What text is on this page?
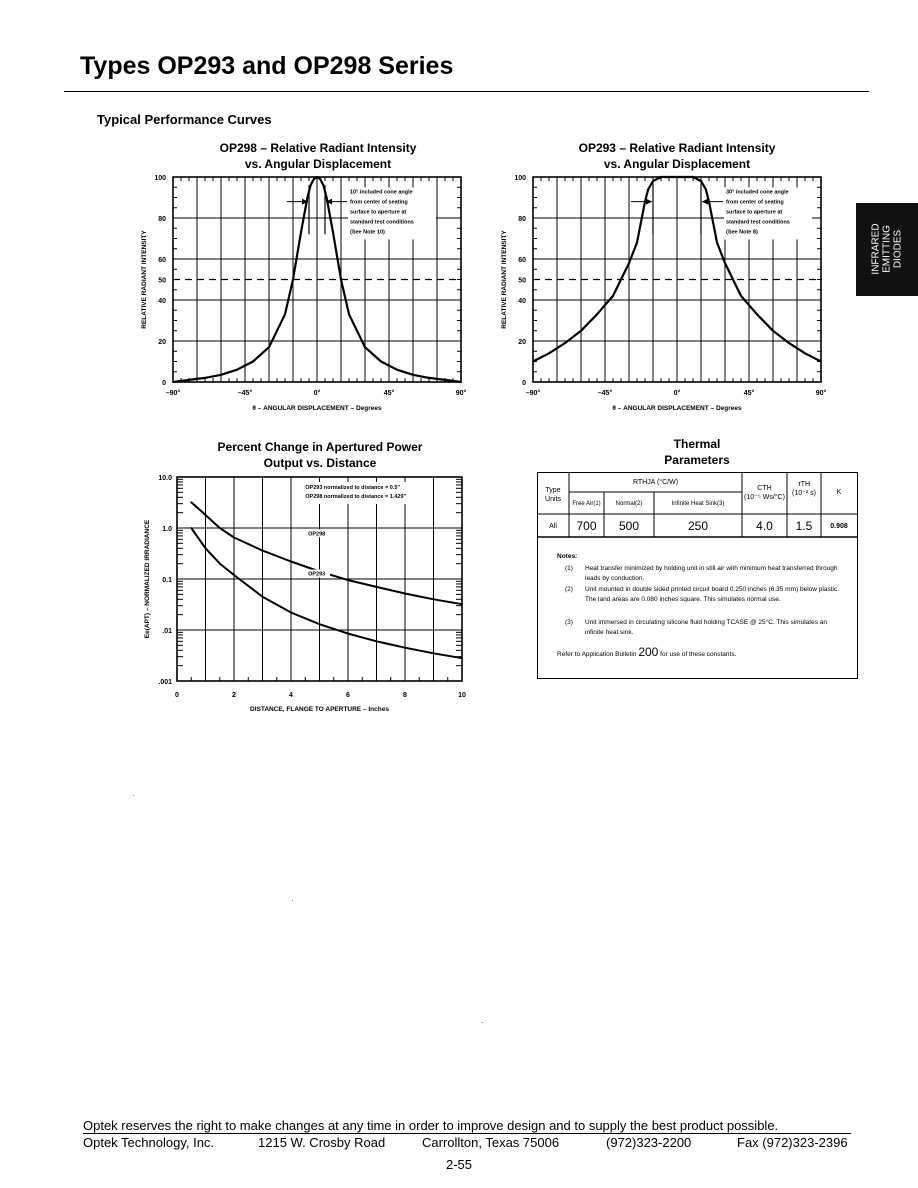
Types OP293 and OP298 Series
Typical Performance Curves
INFRARED EMITTING DIODES
OP298 – Relative Radiant Intensity
vs. Angular Displacement
–90°	–45°	0°	45°	90°
0
20
40
50
60
80
100
θ – ANGULAR DISPLACEMENT – Degrees
RELATIVE RADIANT INTENSITY
10° included cone angle
from center of seating
surface to aperture at
standard test conditions
(See Note 10)
OP293 – Relative Radiant Intensity
vs. Angular Displacement
–90°	–45°	0°	45°	90°
0
20
40
50
60
80
100
θ – ANGULAR DISPLACEMENT – Degrees
RELATIVE RADIANT INTENSITY
30° included cone angle
from center of seating
surface to aperture at
standard test conditions
(See Note 8)
Percent Change in Apertured Power
Output vs. Distance
0	2	4	6	8	10
.001
.01
0.1
1.0
10.0
DISTANCE, FLANGE TO APERTURE – Inches
Ee(APT) – NORMALIZED IRRADIANCE
OP293 normalized to distance = 0.5"
OP298 normalized to distance = 1.429"
OP298
OP293
Thermal
Parameters
Type
Units
RTHJA (°C/W)
Free Air(1)	Normal(2)	Infinite Heat Sink(3)
CTH
(10⁻⁵ Ws/°C)
τTH
(10⁻² s)	K
All	700	500	250	4.0	1.5	0.908
Notes:
(1)	Heat transfer minimized by holding unit in still air with minimum heat transferred through leads by conduction.
(2)	Unit mounted in double sided printed circuit board 0.250 inches (6.35 mm) below plastic. The land areas are 0.080 inches square. This simulates normal use.
(3)	Unit immersed in circulating silicone fluid holding TCASE @ 25°C. This simulates an infinite heat sink.
Refer to Application Bulletin 200 for use of these constants.
Optek reserves the right to make changes at any time in order to improve design and to supply the best product possible.
Optek Technology, Inc.	1215 W. Crosby Road	Carrollton, Texas 75006	(972)323-2200	Fax (972)323-2396
2-55
